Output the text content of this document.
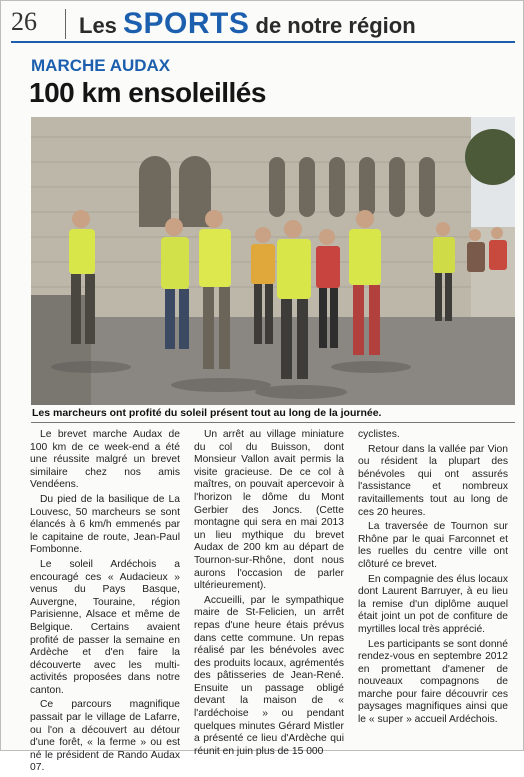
26 Les SPORTS de notre région
MARCHE AUDAX
100 km ensoleillés
Les marcheurs ont profité du soleil présent tout au long de la journée.

Le brevet marche Audax de 100 km de ce week-end a été une réussite malgré un brevet similaire chez nos amis Vendéens.

Du pied de la basilique de La Louvesc, 50 marcheurs se sont élancés à 6 km/h emmenés par le capitaine de route, Jean-Paul Fombonne.

Le soleil Ardéchois a encouragé ces « Audacieux » venus du Pays Basque, Auvergne, Touraine, région Parisienne, Alsace et même de Belgique. Certains avaient profité de passer la semaine en Ardèche et d'en faire la découverte avec les multi-activités proposées dans notre canton.

Ce parcours magnifique passait par le village de Lafarre, ou l'on a découvert au détour d'une forêt, « la ferme » ou est né le président de Rando Audax 07.

Un arrêt au village miniature du col du Buisson, dont Monsieur Vallon avait permis la visite gracieuse. De ce col à maîtres, on pouvait apercevoir à l'horizon le dôme du Mont Gerbier des Joncs. (Cette montagne qui sera en mai 2013 un lieu mythique du brevet Audax de 200 km au départ de Tournon-sur-Rhône, dont nous aurons l'occasion de parler ultérieurement).

Accueilli, par le sympathique maire de St-Felicien, un arrêt repas d'une heure étais prévus dans cette commune. Un repas réalisé par les bénévoles avec des produits locaux, agrémentés des pâtisseries de Jean-René. Ensuite un passage obligé devant la maison de « l'ardéchoise » ou pendant quelques minutes Gérard Mistler a présenté ce lieu d'Ardèche qui réunit en juin plus de 15 000

cyclistes.

Retour dans la vallée par Vion ou résident la plupart des bénévoles qui ont assurés l'assistance et nombreux ravitaillements tout au long de ces 20 heures.

La traversée de Tournon sur Rhône par le quai Farconnet et les ruelles du centre ville ont clôturé ce brevet.

En compagnie des élus locaux dont Laurent Barruyer, à eu lieu la remise d'un diplôme auquel était joint un pot de confiture de myrtilles local très apprécié.

Les participants se sont donné rendez-vous en septembre 2012 en promettant d'amener de nouveaux compagnons de marche pour faire découvrir ces paysages magnifiques ainsi que le « super » accueil Ardéchois.
